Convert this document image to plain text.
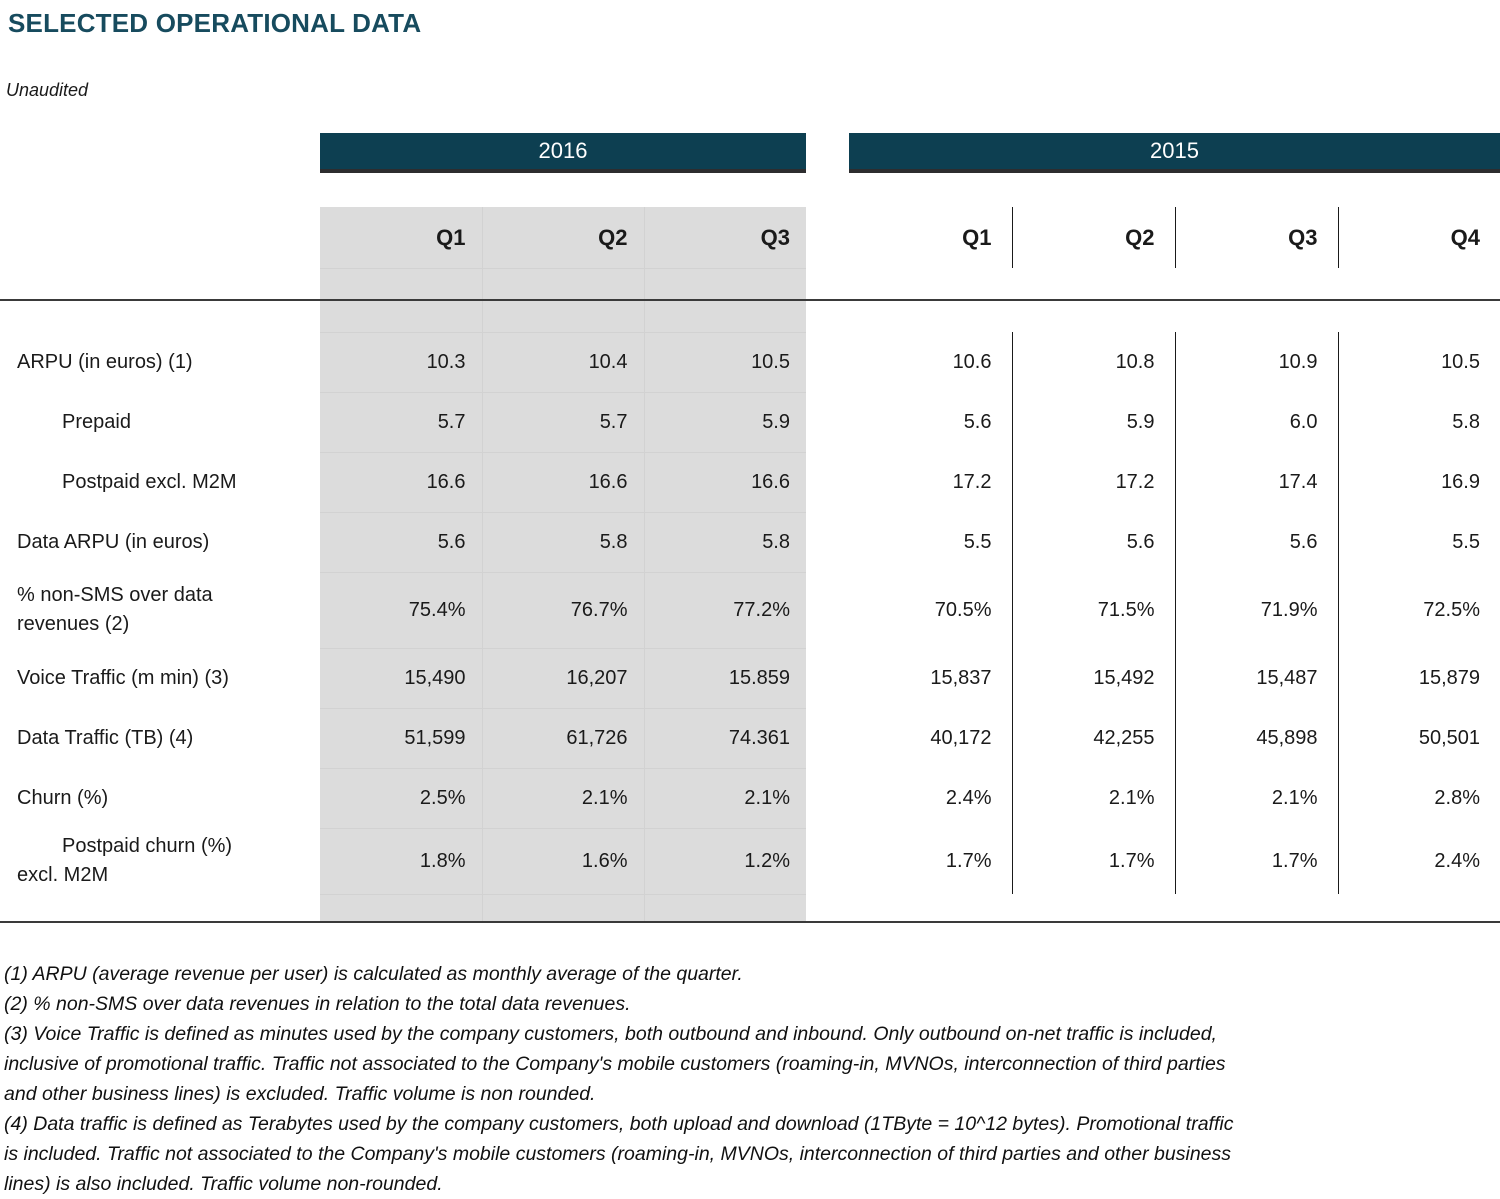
SELECTED OPERATIONAL DATA

Unaudited

2016	2015
	Q1	Q2	Q3		Q1	Q2	Q3	Q4

ARPU (in euros) (1)	10.3	10.4	10.5		10.6	10.8	10.9	10.5
Prepaid	5.7	5.7	5.9		5.6	5.9	6.0	5.8
Postpaid excl. M2M	16.6	16.6	16.6		17.2	17.2	17.4	16.9
Data ARPU (in euros)	5.6	5.8	5.8		5.5	5.6	5.6	5.5
% non-SMS over data revenues (2)	75.4%	76.7%	77.2%		70.5%	71.5%	71.9%	72.5%
Voice Traffic (m min) (3)	15,490	16,207	15.859		15,837	15,492	15,487	15,879
Data Traffic (TB) (4)	51,599	61,726	74.361		40,172	42,255	45,898	50,501
Churn (%)	2.5%	2.1%	2.1%		2.4%	2.1%	2.1%	2.8%
Postpaid churn (%) excl. M2M	1.8%	1.6%	1.2%		1.7%	1.7%	1.7%	2.4%

(1) ARPU (average revenue per user) is calculated as monthly average of the quarter.

(2) % non-SMS over data revenues in relation to the total data revenues.

(3) Voice Traffic is defined as minutes used by the company customers, both outbound and inbound. Only outbound on-net traffic is included, inclusive of promotional traffic. Traffic not associated to the Company's mobile customers (roaming-in, MVNOs, interconnection of third parties and other business lines) is excluded. Traffic volume is non rounded.

(4) Data traffic is defined as Terabytes used by the company customers, both upload and download (1TByte = 10^12 bytes). Promotional traffic is included. Traffic not associated to the Company's mobile customers (roaming-in, MVNOs, interconnection of third parties and other business lines) is also included. Traffic volume non-rounded.
